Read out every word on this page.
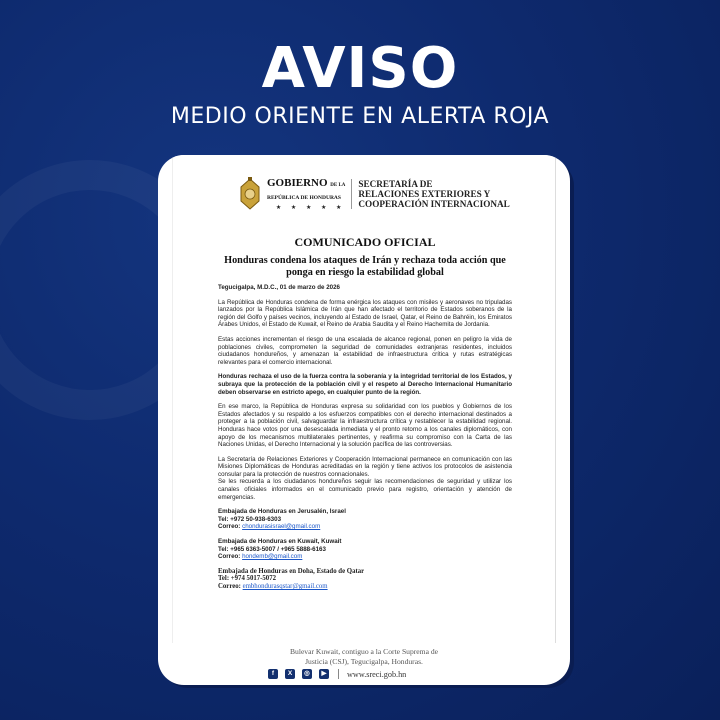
AVISO
MEDIO ORIENTE EN ALERTA ROJA
GOBIERNO DE LA
REPÚBLICA DE HONDURAS
★ ★ ★ ★ ★
SECRETARÍA DE
RELACIONES EXTERIORES Y
COOPERACIÓN INTERNACIONAL
COMUNICADO OFICIAL
Honduras condena los ataques de Irán y rechaza toda acción que ponga en riesgo la estabilidad global
Tegucigalpa, M.D.C., 01 de marzo de 2026

La República de Honduras condena de forma enérgica los ataques con misiles y aeronaves no tripuladas lanzados por la República Islámica de Irán que han afectado el territorio de Estados soberanos de la región del Golfo y países vecinos, incluyendo al Estado de Israel, Qatar, el Reino de Bahréin, los Emiratos Árabes Unidos, el Estado de Kuwait, el Reino de Arabia Saudita y el Reino Hachemita de Jordania.

Estas acciones incrementan el riesgo de una escalada de alcance regional, ponen en peligro la vida de poblaciones civiles, comprometen la seguridad de comunidades extranjeras residentes, incluidos ciudadanos hondureños, y amenazan la estabilidad de infraestructura crítica y rutas estratégicas relevantes para el comercio internacional.

Honduras rechaza el uso de la fuerza contra la soberanía y la integridad territorial de los Estados, y subraya que la protección de la población civil y el respeto al Derecho Internacional Humanitario deben observarse en estricto apego, en cualquier punto de la región.

En ese marco, la República de Honduras expresa su solidaridad con los pueblos y Gobiernos de los Estados afectados y su respaldo a los esfuerzos compatibles con el derecho internacional destinados a proteger a la población civil, salvaguardar la infraestructura crítica y restablecer la estabilidad regional. Honduras hace votos por una desescalada inmediata y el pronto retorno a los canales diplomáticos, con apoyo de los mecanismos multilaterales pertinentes, y reafirma su compromiso con la Carta de las Naciones Unidas, el Derecho Internacional y la solución pacífica de las controversias.

La Secretaría de Relaciones Exteriores y Cooperación Internacional permanece en comunicación con las Misiones Diplomáticas de Honduras acreditadas en la región y tiene activos los protocolos de asistencia consular para la protección de nuestros connacionales.
Se les recuerda a los ciudadanos hondureños seguir las recomendaciones de seguridad y utilizar los canales oficiales informados en el comunicado previo para registro, orientación y atención de emergencias.

Embajada de Honduras en Jerusalén, Israel
Tel: +972 50-938-6303
Correo: chondurasisrael@gmail.com
Embajada de Honduras en Kuwait, Kuwait
Tel: +965 6363-5007 / +965 5888-6163
Correo: hondemb@gmail.com
Embajada de Honduras en Doha, Estado de Qatar
Tel: +974 5017-5072
Correo: embhondurasqstar@gmail.com
Bulevar Kuwait, contiguo a la Corte Suprema de
Justicia (CSJ), Tegucigalpa, Honduras.
f	X	◎	▶	www.sreci.gob.hn
